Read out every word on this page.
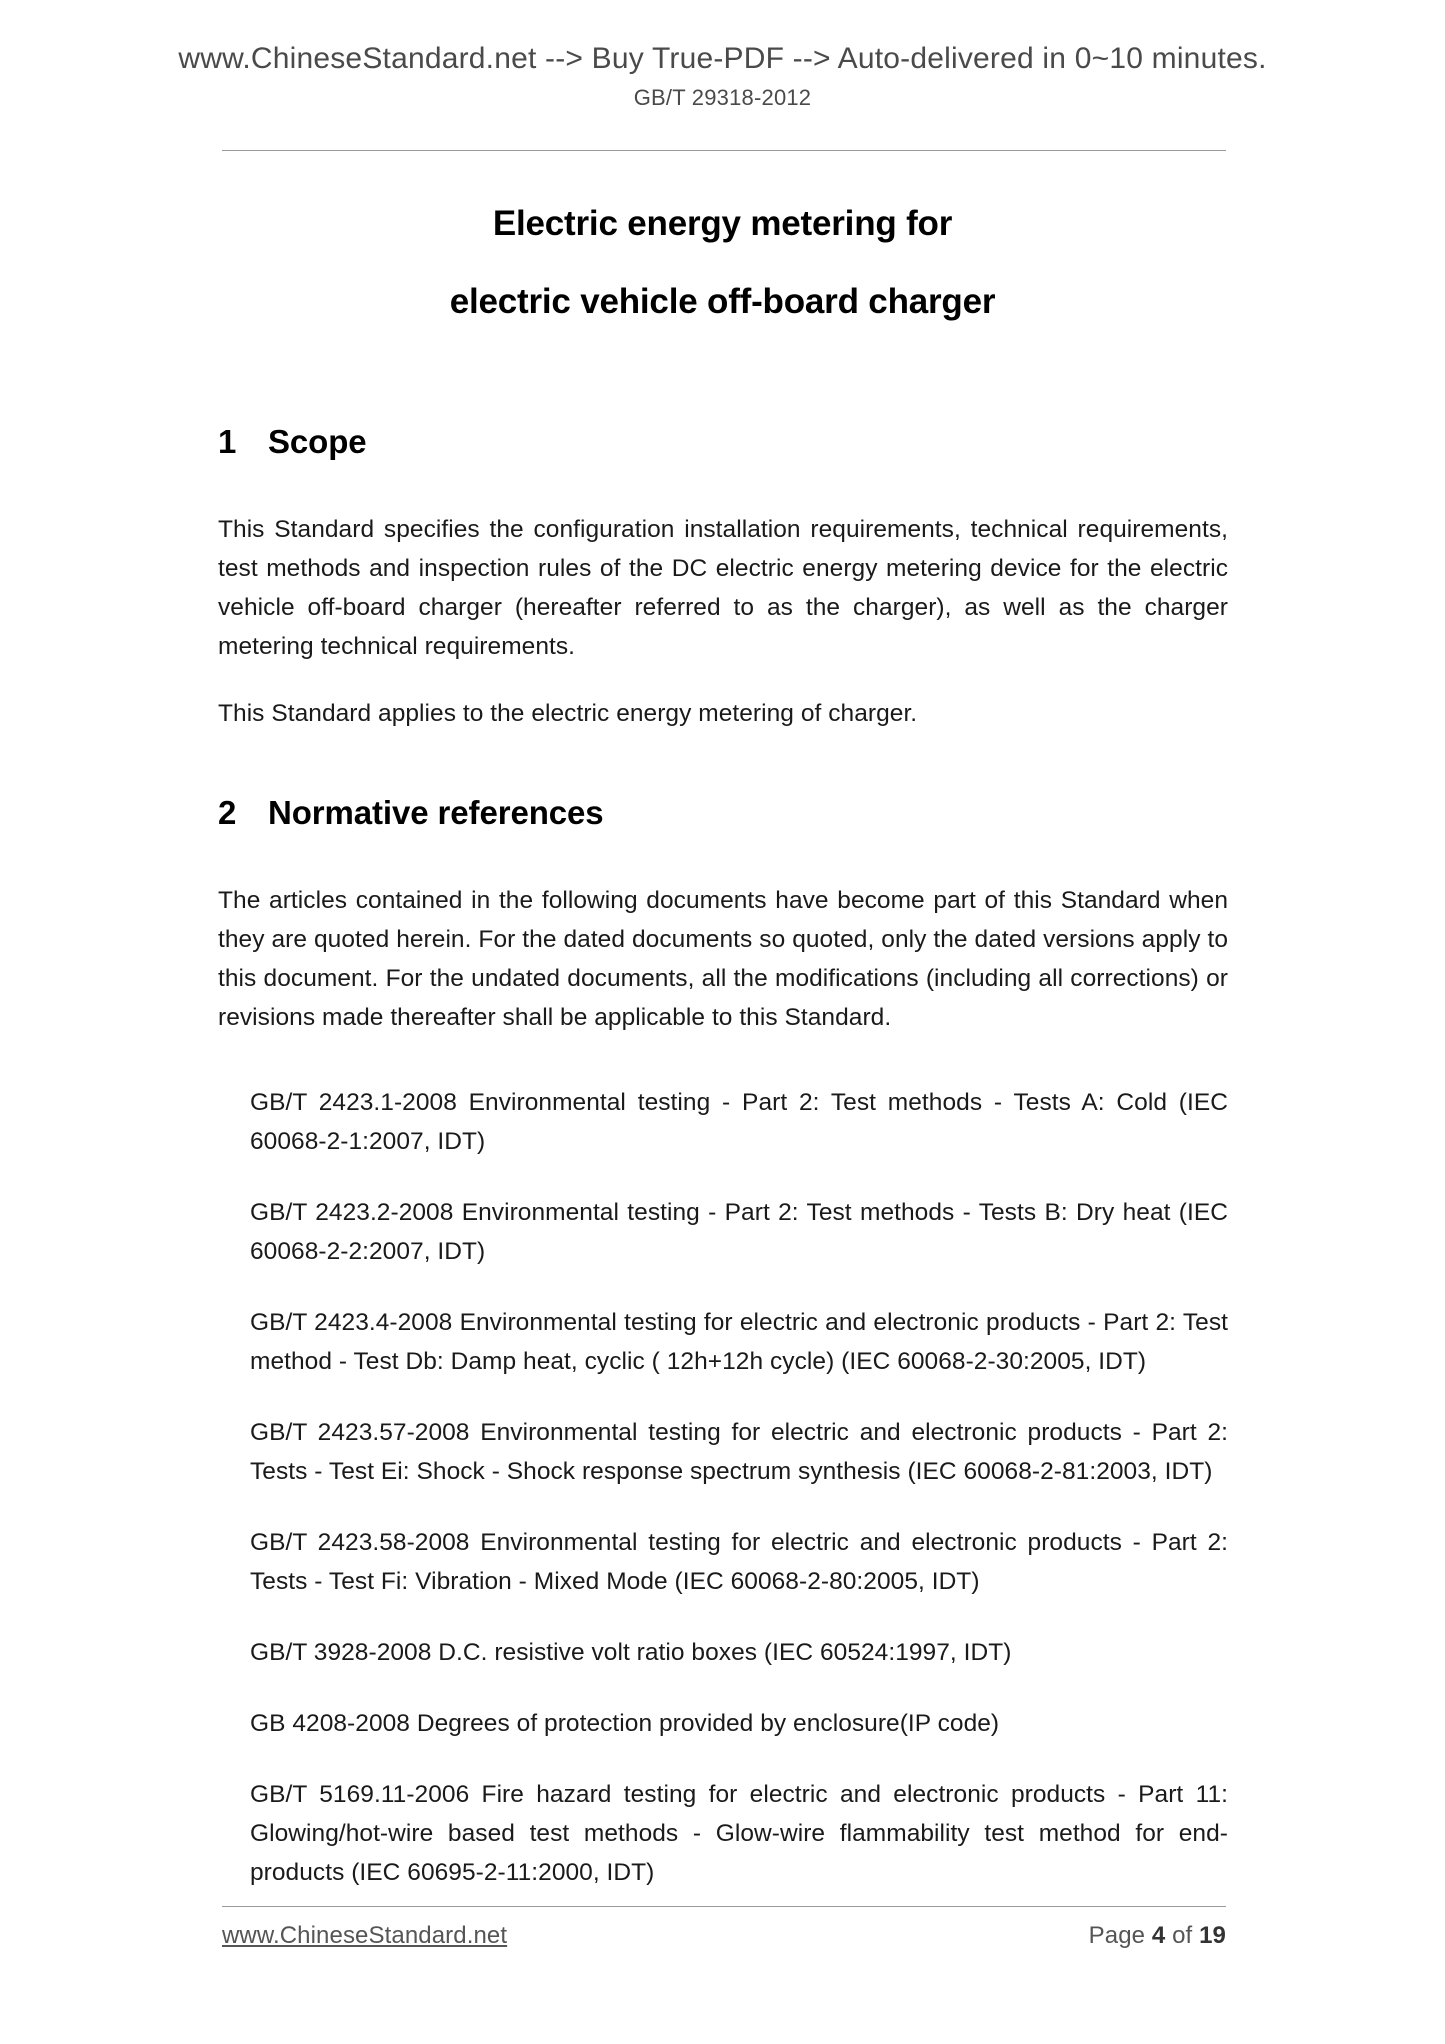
www.ChineseStandard.net --> Buy True-PDF --> Auto-delivered in 0~10 minutes.
GB/T 29318-2012
Electric energy metering for
electric vehicle off-board charger
1 Scope

This Standard specifies the configuration installation requirements, technical requirements, test methods and inspection rules of the DC electric energy metering device for the electric vehicle off-board charger (hereafter referred to as the charger), as well as the charger metering technical requirements.

This Standard applies to the electric energy metering of charger.

2 Normative references

The articles contained in the following documents have become part of this Standard when they are quoted herein. For the dated documents so quoted, only the dated versions apply to this document. For the undated documents, all the modifications (including all corrections) or revisions made thereafter shall be applicable to this Standard.

GB/T 2423.1-2008 Environmental testing - Part 2: Test methods - Tests A: Cold (IEC 60068-2-1:2007, IDT)
GB/T 2423.2-2008 Environmental testing - Part 2: Test methods - Tests B: Dry heat (IEC 60068-2-2:2007, IDT)
GB/T 2423.4-2008 Environmental testing for electric and electronic products - Part 2: Test method - Test Db: Damp heat, cyclic ( 12h+12h cycle) (IEC 60068-2-30:2005, IDT)
GB/T 2423.57-2008 Environmental testing for electric and electronic products - Part 2: Tests - Test Ei: Shock - Shock response spectrum synthesis (IEC 60068-2-81:2003, IDT)
GB/T 2423.58-2008 Environmental testing for electric and electronic products - Part 2: Tests - Test Fi: Vibration - Mixed Mode (IEC 60068-2-80:2005, IDT)
GB/T 3928-2008 D.C. resistive volt ratio boxes (IEC 60524:1997, IDT)
GB 4208-2008 Degrees of protection provided by enclosure(IP code)
GB/T 5169.11-2006 Fire hazard testing for electric and electronic products - Part 11: Glowing/hot-wire based test methods - Glow-wire flammability test method for end-products (IEC 60695-2-11:2000, IDT)
www.ChineseStandard.net	Page 4 of 19
